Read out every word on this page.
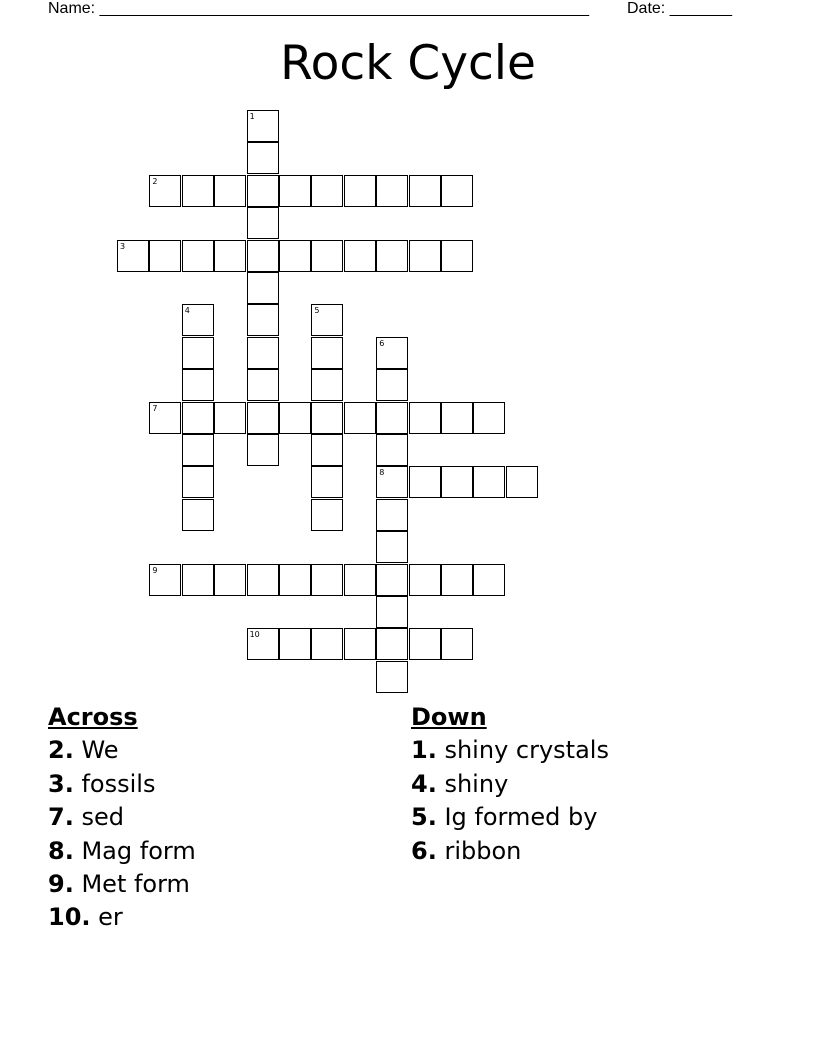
Name: _______________________________________________________ Date: _______
Rock Cycle
1
2
3
4	5
6
8
7
9
10
Across
2. We
3. fossils
7. sed
8. Mag form
9. Met form
10. er
Down
1. shiny crystals
4. shiny
5. Ig formed by
6. ribbon
